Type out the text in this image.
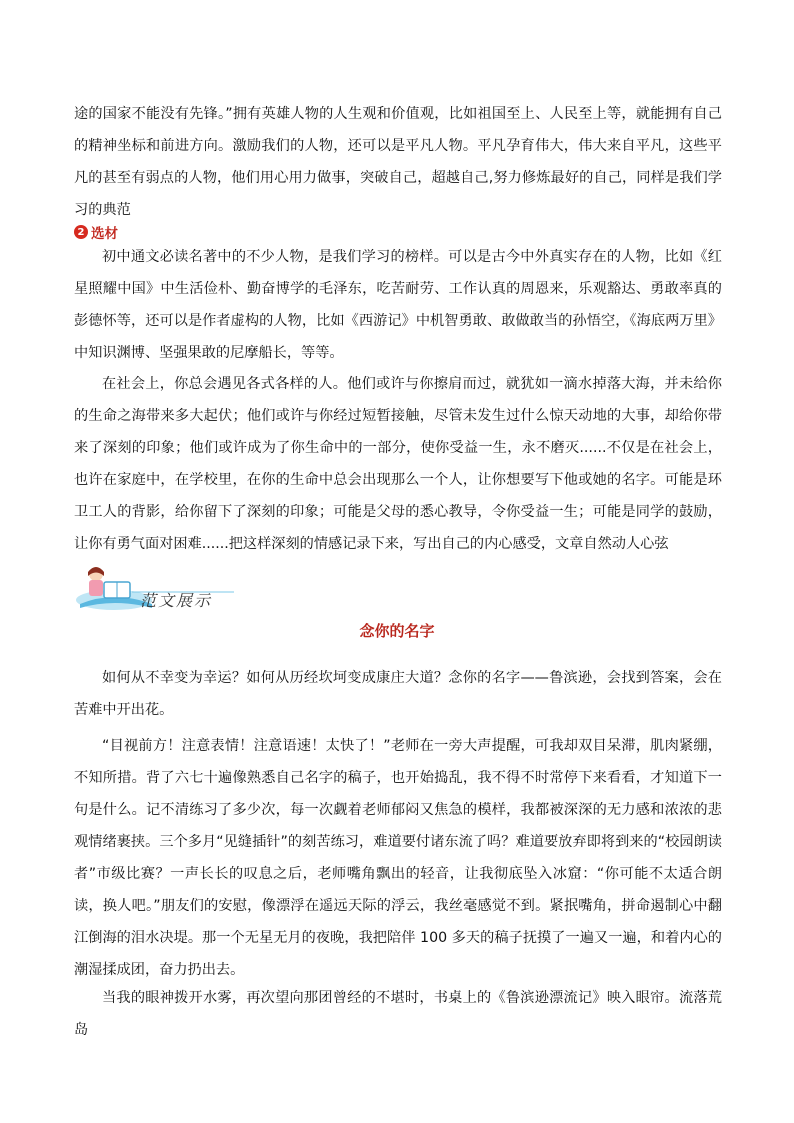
途的国家不能没有先锋。”拥有英雄人物的人生观和价值观，比如祖国至上、人民至上等，就能拥有自己的精神坐标和前进方向。激励我们的人物，还可以是平凡人物。平凡孕育伟大，伟大来自平凡，这些平凡的甚至有弱点的人物，他们用心用力做事，突破自己，超越自己,努力修炼最好的自己，同样是我们学习的典范

2 选材

初中通文必读名著中的不少人物，是我们学习的榜样。可以是古今中外真实存在的人物，比如《红星照耀中国》中生活俭朴、勤奋博学的毛泽东，吃苦耐劳、工作认真的周恩来，乐观豁达、勇敢率真的彭德怀等，还可以是作者虚构的人物，比如《西游记》中机智勇敢、敢做敢当的孙悟空，《海底两万里》中知识渊博、坚强果敢的尼摩船长，等等。

在社会上，你总会遇见各式各样的人。他们或许与你擦肩而过，就犹如一滴水掉落大海，并未给你的生命之海带来多大起伏；他们或许与你经过短暂接触，尽管未发生过什么惊天动地的大事，却给你带来了深刻的印象；他们或许成为了你生命中的一部分，使你受益一生，永不磨灭......不仅是在社会上，也许在家庭中，在学校里，在你的生命中总会出现那么一个人，让你想要写下他或她的名字。可能是环卫工人的背影，给你留下了深刻的印象；可能是父母的悉心教导，令你受益一生；可能是同学的鼓励，让你有勇气面对困难......把这样深刻的情感记录下来，写出自己的内心感受，文章自然动人心弦

范文展示
念你的名字

如何从不幸变为幸运？如何从历经坎坷变成康庄大道？念你的名字——鲁滨逊，会找到答案，会在苦难中开出花。

“目视前方！注意表情！注意语速！太快了！”老师在一旁大声提醒，可我却双目呆滞，肌肉紧绷，不知所措。背了六七十遍像熟悉自己名字的稿子，也开始捣乱，我不得不时常停下来看看，才知道下一句是什么。记不清练习了多少次，每一次觑着老师郁闷又焦急的模样，我都被深深的无力感和浓浓的悲观情绪裹挟。三个多月“见缝插针”的刻苦练习，难道要付诸东流了吗？难道要放弃即将到来的“校园朗读者”市级比赛？一声长长的叹息之后，老师嘴角飘出的轻音，让我彻底坠入冰窟：“你可能不太适合朗读，换人吧。”朋友们的安慰，像漂浮在遥远天际的浮云，我丝毫感觉不到。紧抿嘴角，拼命遏制心中翻江倒海的泪水决堤。那一个无星无月的夜晚，我把陪伴 100 多天的稿子抚摸了一遍又一遍，和着内心的潮湿揉成团，奋力扔出去。

当我的眼神拨开水雾，再次望向那团曾经的不堪时，书桌上的《鲁滨逊漂流记》映入眼帘。流落荒岛
